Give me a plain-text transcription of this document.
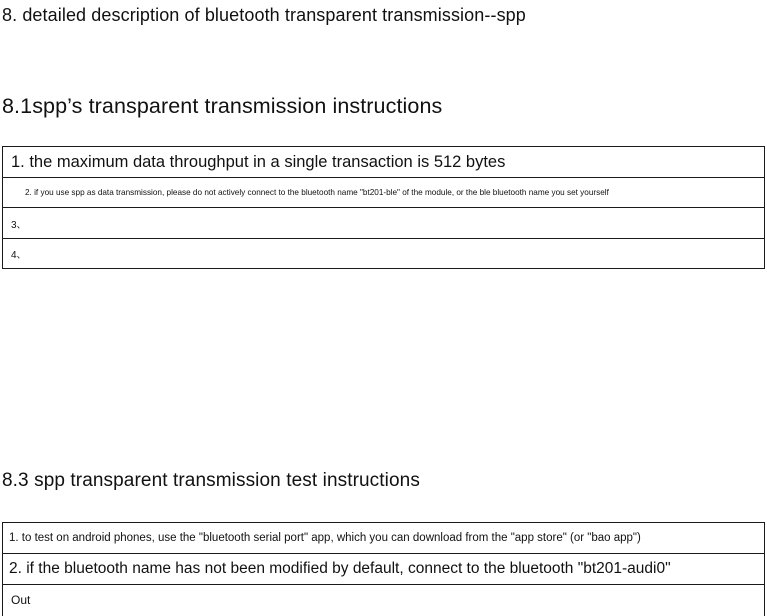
8. detailed description of bluetooth transparent transmission--spp
8.1spp’s transparent transmission instructions
1. the maximum data throughput in a single transaction is 512 bytes
2. if you use spp as data transmission, please do not actively connect to the bluetooth name "bt201-ble" of the module, or the ble bluetooth name you set yourself
3、
4、
8.3 spp transparent transmission test instructions
1. to test on android phones, use the "bluetooth serial port" app, which you can download from the "app store" (or "bao app")
2. if the bluetooth name has not been modified by default, connect to the bluetooth "bt201-audi0"
Out
